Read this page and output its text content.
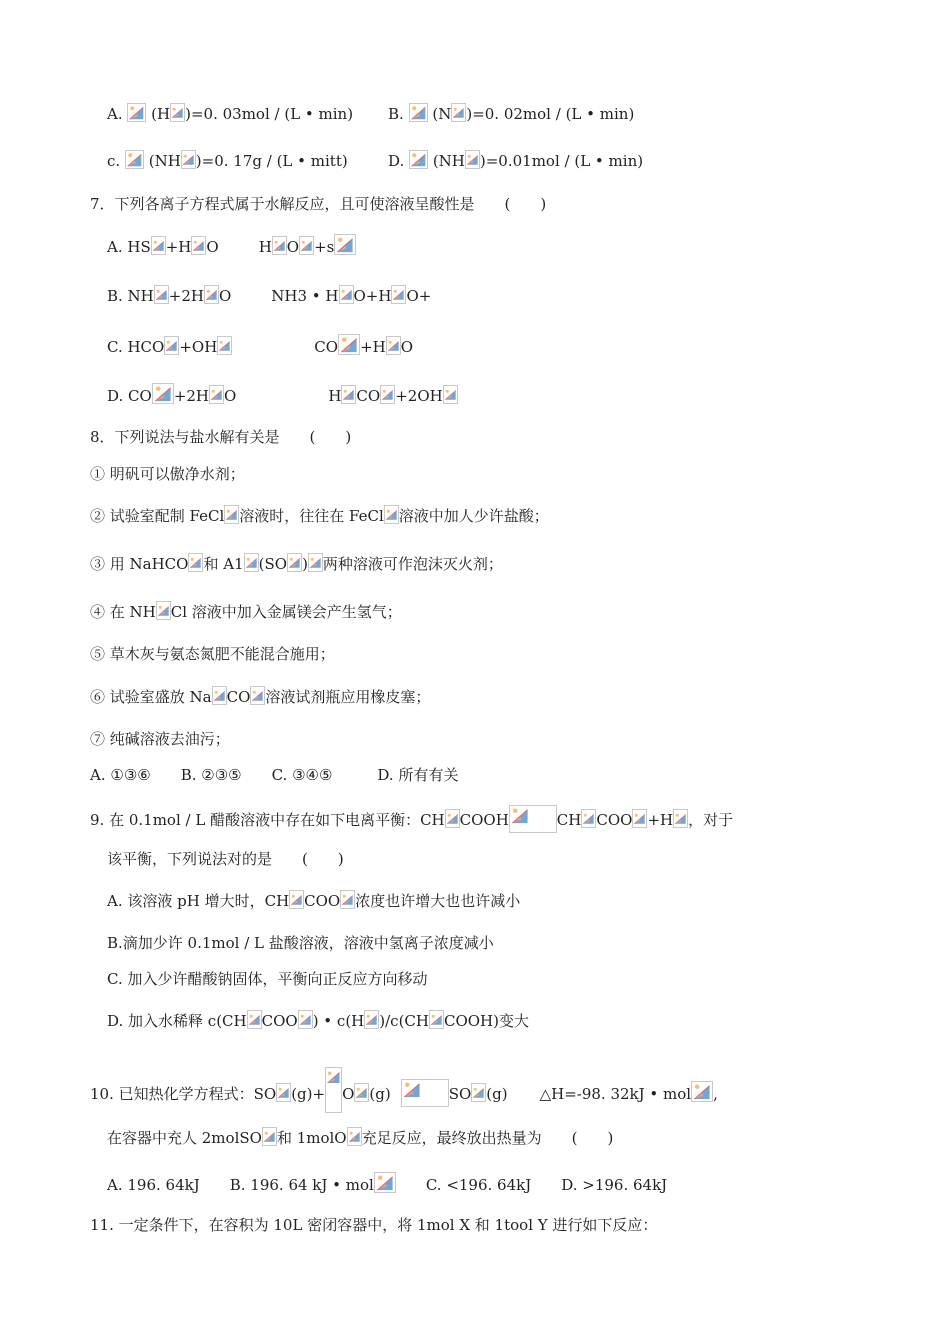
A. (H )=0. 03mol / (L • min) B. (N )=0. 02mol / (L • min)
c. (NH )=0. 17g / (L • mitt)	D. (NH )=0.01mol / (L • min)
7．下列各离子方程式属于水解反应，且可使溶液呈酸性是　　(　　)
A. HS +H O	H O +s
B. NH +2H O	NH3 • H O+H O+
C. HCO +OH	CO +H O
D. CO +2H O	H CO +2OH
8．下列说法与盐水解有关是　　(　　)
① 明矾可以傲净水剂；
② 试验室配制 FeCl 溶液时，往往在 FeCl 溶液中加人少许盐酸；
③ 用 NaHCO 和 A1 (SO ) 两种溶液可作泡沫灭火剂；
④ 在 NH Cl 溶液中加入金属镁会产生氢气；
⑤ 草木灰与氨态氮肥不能混合施用；
⑥ 试验室盛放 Na CO 溶液试剂瓶应用橡皮塞；
⑦ 纯碱溶液去油污；
A. ①③⑥　　B. ②③⑤　　C. ③④⑤　　　D. 所有有关
9. 在 0.1mol / L 醋酸溶液中存在如下电离平衡：CH COOH	CH COO +H ，对于
该平衡，下列说法对的是　　(　　)
A. 该溶液 pH 增大时，CH COO 浓度也许增大也也许减小
B.滴加少许 0.1mol / L 盐酸溶液，溶液中氢离子浓度减小
C. 加入少许醋酸钠固体，平衡向正反应方向移动
D. 加入水稀释 c(CH COO ) • c(H )/c(CH COOH)变大
10. 已知热化学方程式：SO (g)+ O (g)	SO (g) △H=-98. 32kJ • mol ,
在容器中充人 2molSO 和 1molO 充足反应，最终放出热量为　　(　　)
A. 196. 64kJ　　B. 196. 64 kJ • mol
　　C. <196. 64kJ　　D. >196. 64kJ
11. 一定条件下，在容积为 10L 密闭容器中，将 1mol X 和 1tool Y 进行如下反应：
